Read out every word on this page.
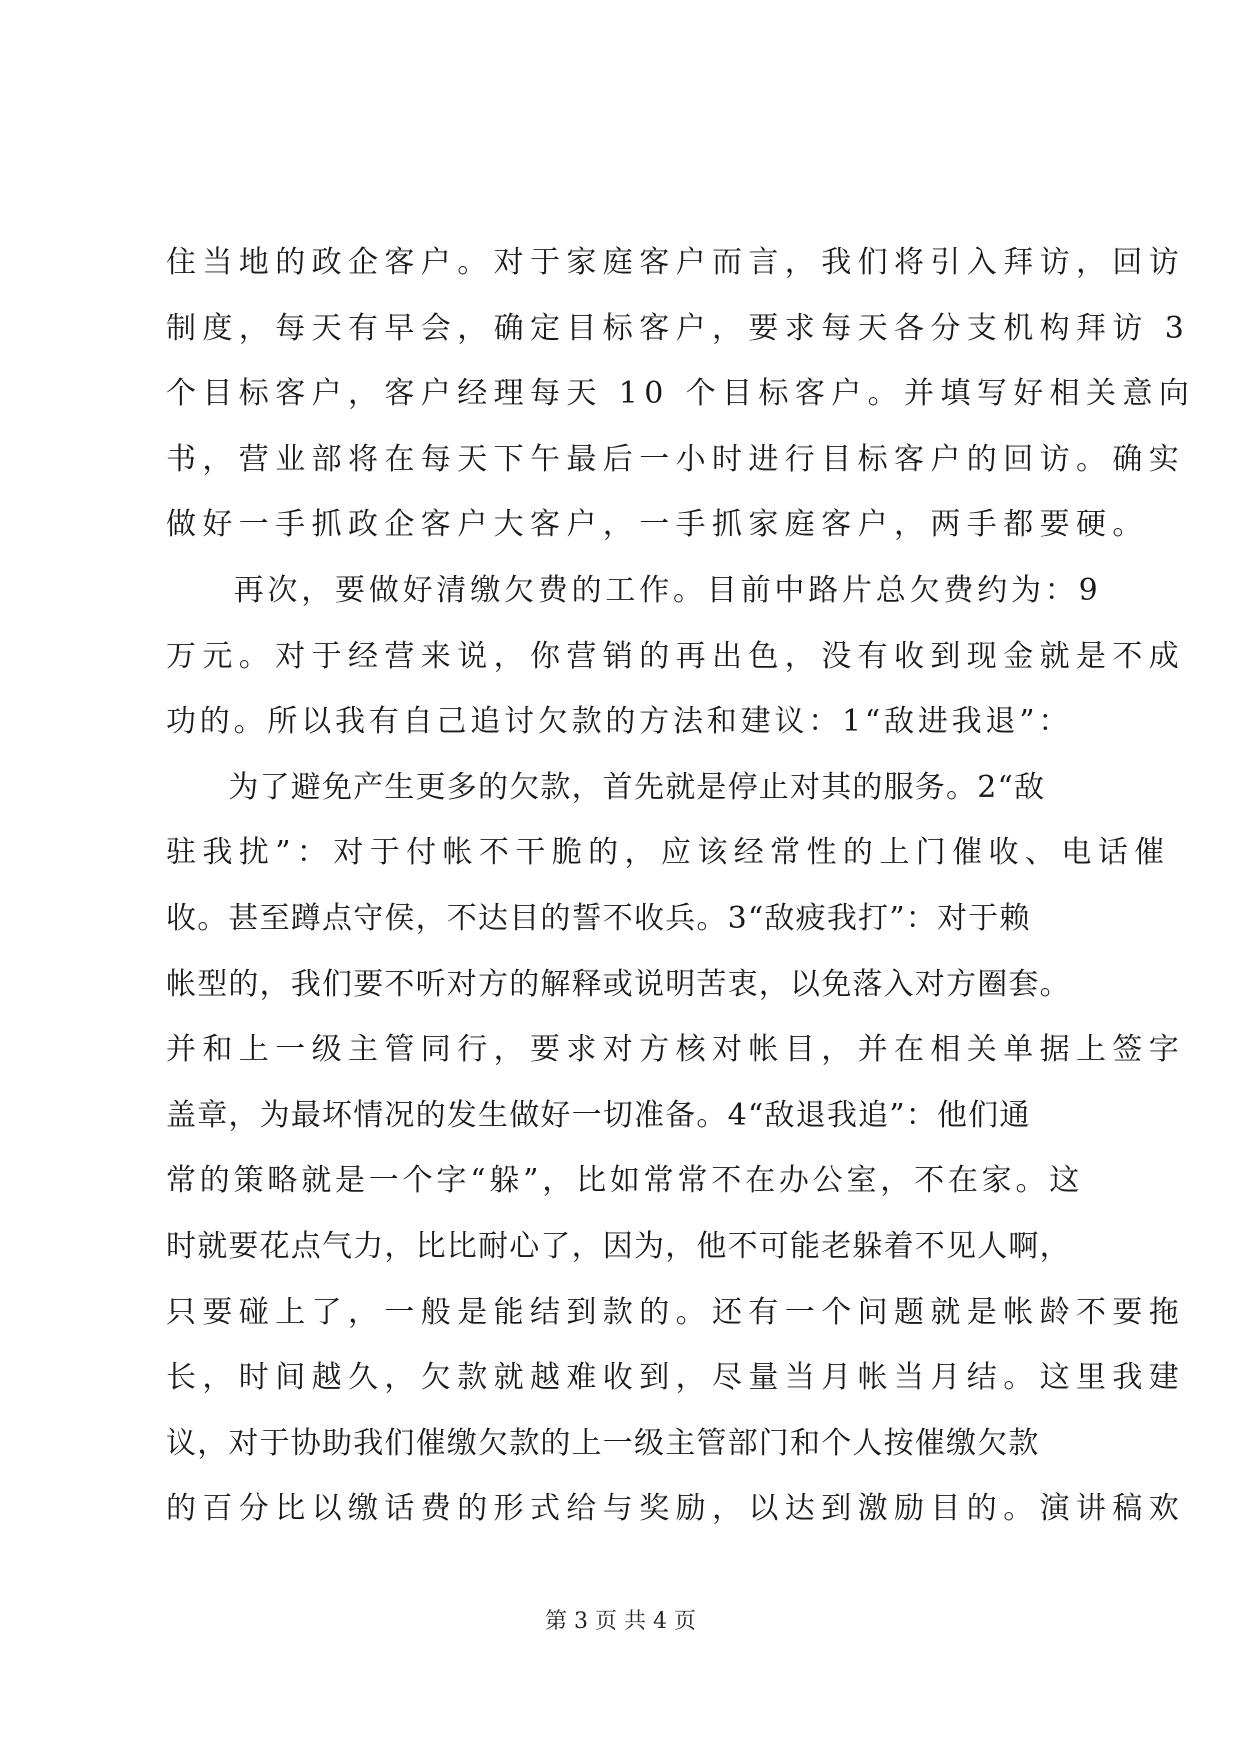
住当地的政企客户。对于家庭客户而言，我们将引入拜访，回访
制度，每天有早会，确定目标客户，要求每天各分支机构拜访 3
个目标客户，客户经理每天 10 个目标客户。并填写好相关意向
书，营业部将在每天下午最后一小时进行目标客户的回访。确实
做好一手抓政企客户大客户，一手抓家庭客户，两手都要硬。
　　再次，要做好清缴欠费的工作。目前中路片总欠费约为：9
万元。对于经营来说，你营销的再出色，没有收到现金就是不成
功的。所以我有自己追讨欠款的方法和建议：1“敌进我退”：
　　为了避免产生更多的欠款，首先就是停止对其的服务。2“敌
驻我扰”：对于付帐不干脆的，应该经常性的上门催收、电话催
收。甚至蹲点守侯，不达目的誓不收兵。3“敌疲我打”：对于赖
帐型的，我们要不听对方的解释或说明苦衷，以免落入对方圈套。
并和上一级主管同行，要求对方核对帐目，并在相关单据上签字
盖章，为最坏情况的发生做好一切准备。4“敌退我追”：他们通
常的策略就是一个字“躲”，比如常常不在办公室，不在家。这
时就要花点气力，比比耐心了，因为，他不可能老躲着不见人啊，
只要碰上了，一般是能结到款的。还有一个问题就是帐龄不要拖
长，时间越久，欠款就越难收到，尽量当月帐当月结。这里我建
议，对于协助我们催缴欠款的上一级主管部门和个人按催缴欠款
的百分比以缴话费的形式给与奖励，以达到激励目的。演讲稿欢
第 3 页 共 4 页
